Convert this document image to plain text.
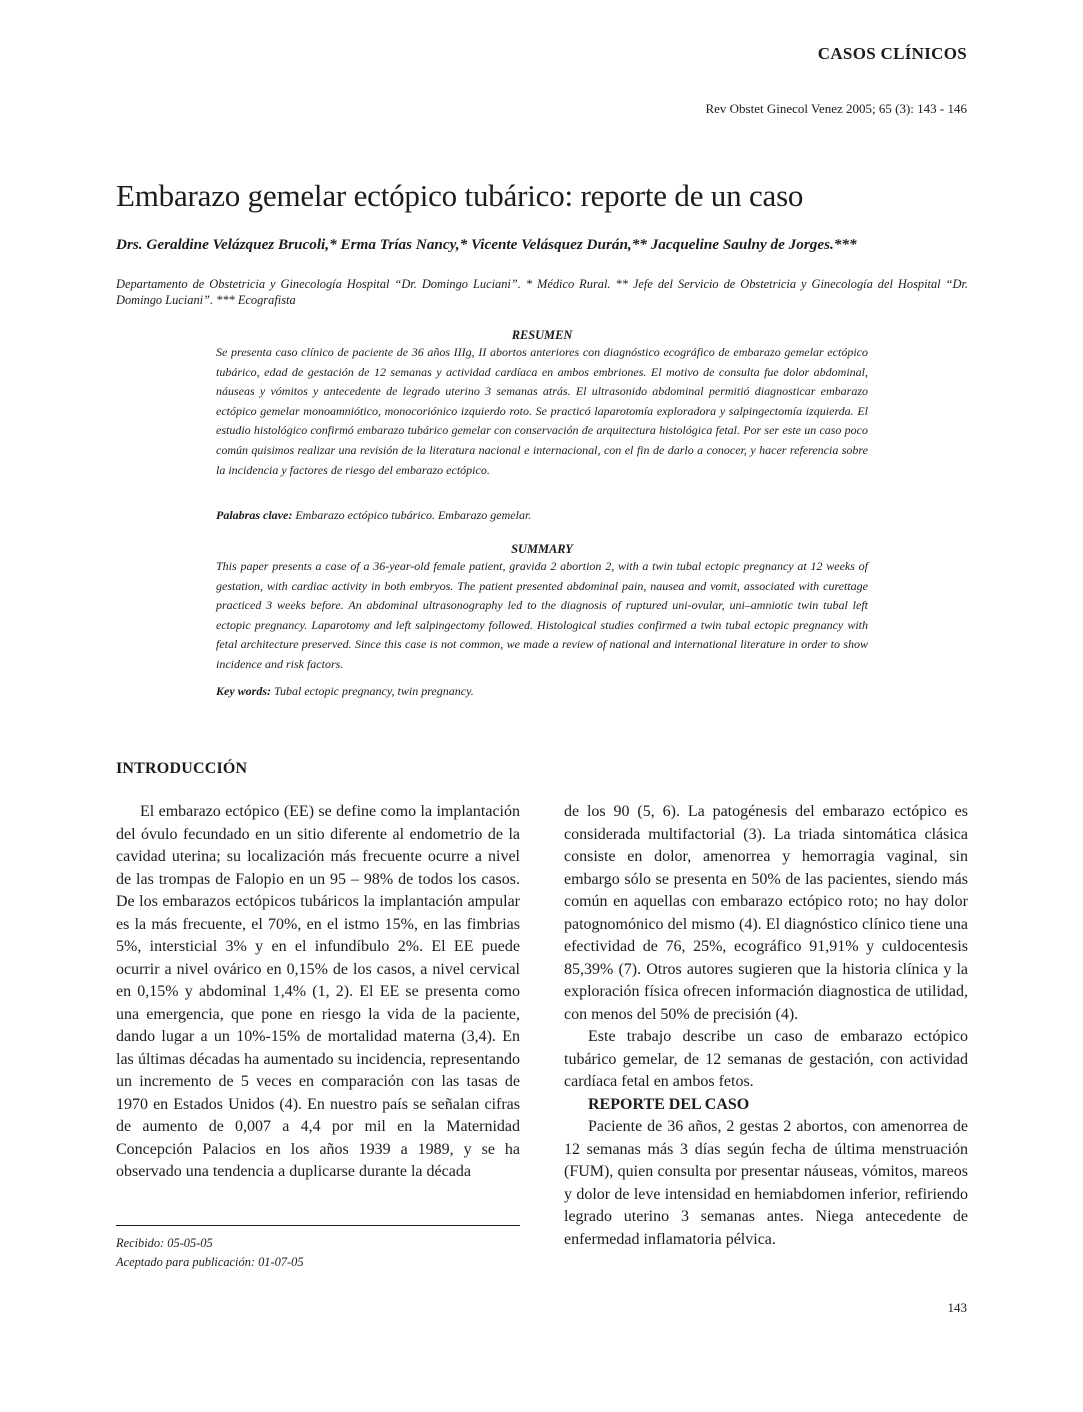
CASOS CLÍNICOS
Rev Obstet Ginecol Venez 2005; 65 (3): 143 - 146
Embarazo gemelar ectópico tubárico: reporte de un caso
Drs. Geraldine Velázquez Brucoli,* Erma Trías Nancy,* Vicente Velásquez Durán,** Jacqueline Saulny de Jorges.***
Departamento de Obstetricia y Ginecología Hospital “Dr. Domingo Luciani”. * Médico Rural. ** Jefe del Servicio de Obstetricia y Ginecología del Hospital “Dr. Domingo Luciani”. *** Ecografista
RESUMEN
Se presenta caso clínico de paciente de 36 años IIIg, II abortos anteriores con diagnóstico ecográfico de embarazo gemelar ectópico tubárico, edad de gestación de 12 semanas y actividad cardíaca en ambos embriones. El motivo de consulta fue dolor abdominal, náuseas y vómitos y antecedente de legrado uterino 3 semanas atrás. El ultrasonido abdominal permitió diagnosticar embarazo ectópico gemelar monoamniótico, monocoriónico izquierdo roto. Se practicó laparotomía exploradora y salpingectomía izquierda. El estudio histológico confirmó embarazo tubárico gemelar con conservación de arquitectura histológica fetal. Por ser este un caso poco común quisimos realizar una revisión de la literatura nacional e internacional, con el fin de darlo a conocer, y hacer referencia sobre la incidencia y factores de riesgo del embarazo ectópico.
Palabras clave: Embarazo ectópico tubárico. Embarazo gemelar.
SUMMARY
This paper presents a case of a 36-year-old female patient, gravida 2 abortion 2, with a twin tubal ectopic pregnancy at 12 weeks of gestation, with cardiac activity in both embryos. The patient presented abdominal pain, nausea and vomit, associated with curettage practiced 3 weeks before. An abdominal ultrasonography led to the diagnosis of ruptured uni-ovular, uni–amniotic twin tubal left ectopic pregnancy. Laparotomy and left salpingectomy followed. Histological studies confirmed a twin tubal ectopic pregnancy with fetal architecture preserved. Since this case is not common, we made a review of national and international literature in order to show incidence and risk factors.
Key words: Tubal ectopic pregnancy, twin pregnancy.
INTRODUCCIÓN

El embarazo ectópico (EE) se define como la implantación del óvulo fecundado en un sitio diferente al endometrio de la cavidad uterina; su localización más frecuente ocurre a nivel de las trompas de Falopio en un 95 – 98% de todos los casos. De los embarazos ectópicos tubáricos la implantación ampular es la más frecuente, el 70%, en el istmo 15%, en las fimbrias 5%, intersticial 3% y en el infundíbulo 2%. El EE puede ocurrir a nivel ovárico en 0,15% de los casos, a nivel cervical en 0,15% y abdominal 1,4% (1, 2). El EE se presenta como una emergencia, que pone en riesgo la vida de la paciente, dando lugar a un 10%-15% de mortalidad materna (3,4). En las últimas décadas ha aumentado su incidencia, representando un incremento de 5 veces en comparación con las tasas de 1970 en Estados Unidos (4). En nuestro país se señalan cifras de aumento de 0,007 a 4,4 por mil en la Maternidad Concepción Palacios en los años 1939 a 1989, y se ha observado una tendencia a duplicarse durante la década

de los 90 (5, 6). La patogénesis del embarazo ectópico es considerada multifactorial (3). La triada sintomática clásica consiste en dolor, amenorrea y hemorragia vaginal, sin embargo sólo se presenta en 50% de las pacientes, siendo más común en aquellas con embarazo ectópico roto; no hay dolor patognomónico del mismo (4). El diagnóstico clínico tiene una efectividad de 76, 25%, ecográfico 91,91% y culdocentesis 85,39% (7). Otros autores sugieren que la historia clínica y la exploración física ofrecen información diagnostica de utilidad, con menos del 50% de precisión (4).

Este trabajo describe un caso de embarazo ectópico tubárico gemelar, de 12 semanas de gestación, con actividad cardíaca fetal en ambos fetos.

REPORTE DEL CASO

Paciente de 36 años, 2 gestas 2 abortos, con amenorrea de 12 semanas más 3 días según fecha de última menstruación (FUM), quien consulta por presentar náuseas, vómitos, mareos y dolor de leve intensidad en hemiabdomen inferior, refiriendo legrado uterino 3 semanas antes. Niega antecedente de enfermedad inflamatoria pélvica.

Recibido: 05-05-05
Aceptado para publicación: 01-07-05
143
